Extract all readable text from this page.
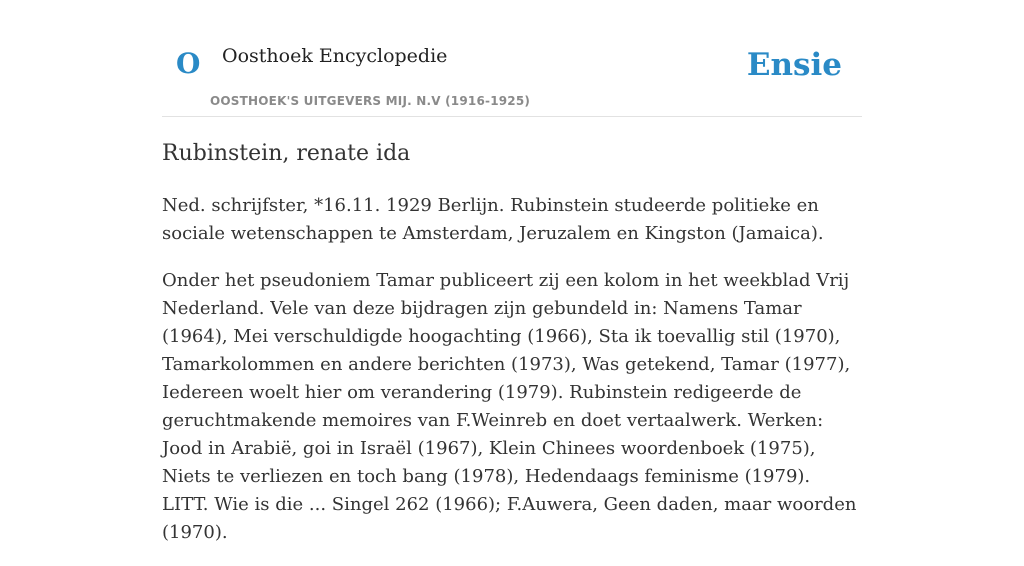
O Oosthoek Encyclopedie
OOSTHOEK'S UITGEVERS MIJ. N.V (1916-1925)
Ensie
Rubinstein, renate ida

Ned. schrijfster, *16.11. 1929 Berlijn. Rubinstein studeerde politieke en sociale wetenschappen te Amsterdam, Jeruzalem en Kingston (Jamaica).

Onder het pseudoniem Tamar publiceert zij een kolom in het weekblad Vrij Nederland. Vele van deze bijdragen zijn gebundeld in: Namens Tamar (1964), Mei verschuldigde hoogachting (1966), Sta ik toevallig stil (1970), Tamarkolommen en andere berichten (1973), Was getekend, Tamar (1977), Iedereen woelt hier om verandering (1979). Rubinstein redigeerde de geruchtmakende memoires van F.Weinreb en doet vertaalwerk. Werken: Jood in Arabië, goi in Israël (1967), Klein Chinees woordenboek (1975), Niets te verliezen en toch bang (1978), Hedendaags feminisme (1979). LITT. Wie is die ... Singel 262 (1966); F.Auwera, Geen daden, maar woorden (1970).
